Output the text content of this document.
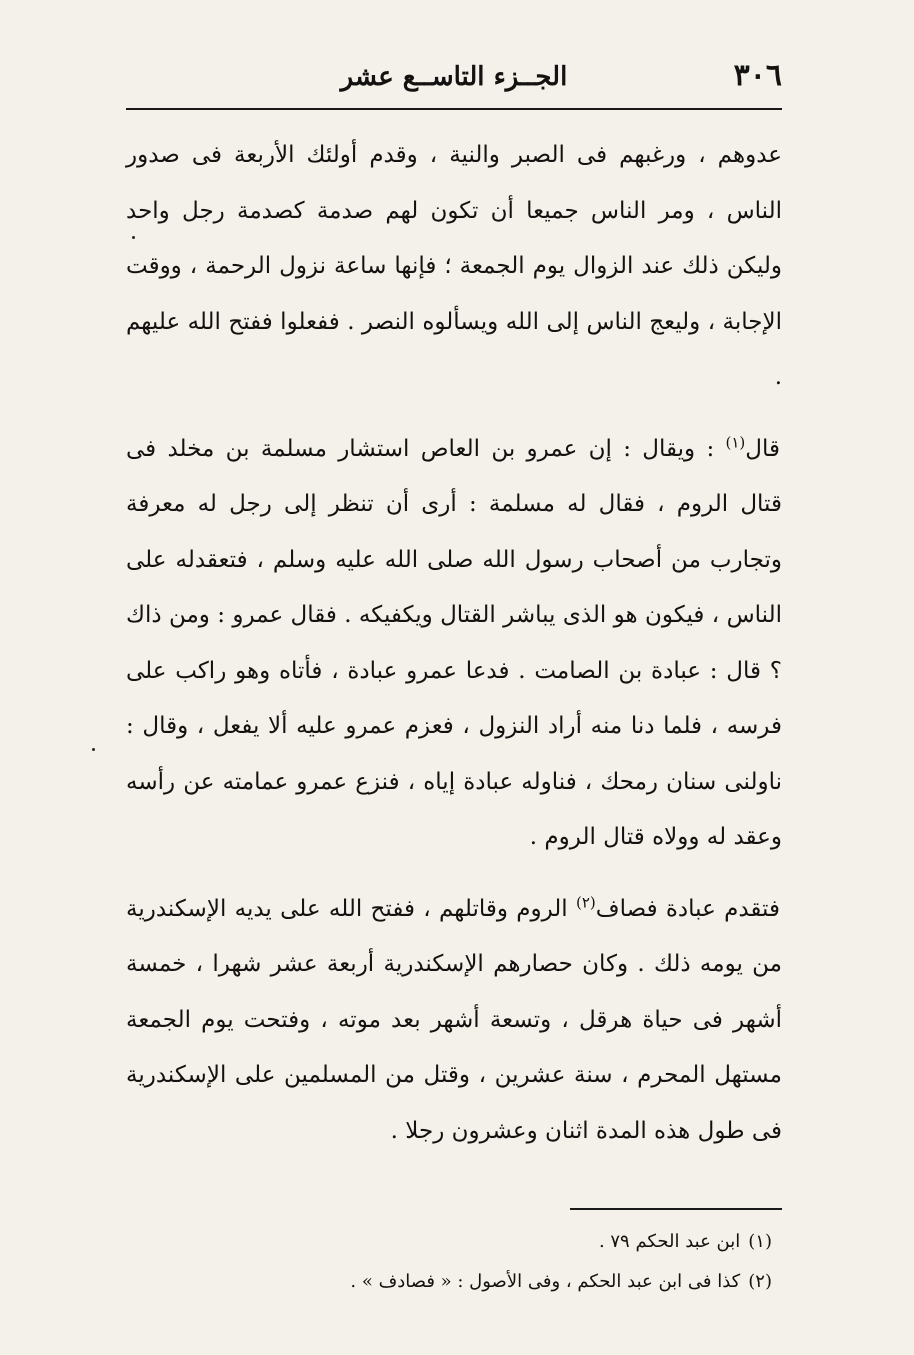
٣٠٦
الجــزء التاســع عشر

عدوهم ، ورغبهم فى الصبر والنية ، وقدم أولئك الأربعة فى صدور الناس ، ومر الناس جميعا أن تكون لهم صدمة كصدمة رجل واحد وليكن ذلك عند الزوال يوم الجمعة ؛ فإنها ساعة نزول الرحمة ، ووقت الإجابة ، وليعج الناس إلى الله ويسألوه النصر . ففعلوا ففتح الله عليهم .

قال$^{(١)}$ : ويقال : إن عمرو بن العاص استشار مسلمة بن مخلد فى قتال الروم ، فقال له مسلمة : أرى أن تنظر إلى رجل له معرفة وتجارب من أصحاب رسول الله صلى الله عليه وسلم ، فتعقدله على الناس ، فيكون هو الذى يباشر القتال ويكفيكه . فقال عمرو : ومن ذاك ؟ قال : عبادة بن الصامت . فدعا عمرو عبادة ، فأتاه وهو راكب على فرسه ، فلما دنا منه أراد النزول ، فعزم عمرو عليه ألا يفعل ، وقال : ناولنى سنان رمحك ، فناوله عبادة إياه ، فنزع عمرو عمامته عن رأسه وعقد له وولاه قتال الروم .

فتقدم عبادة فصاف$^{(٢)}$ الروم وقاتلهم ، ففتح الله على يديه الإسكندرية من يومه ذلك . وكان حصارهم الإسكندرية أربعة عشر شهرا ، خمسة أشهر فى حياة هرقل ، وتسعة أشهر بعد موته ، وفتحت يوم الجمعة مستهل المحرم ، سنة عشرين ، وقتل من المسلمين على الإسكندرية فى طول هذه المدة اثنان وعشرون رجلا .

(١)ابن عبد الحكم ٧٩ .
(٢)كذا فى ابن عبد الحكم ، وفى الأصول : « فصادف » .
